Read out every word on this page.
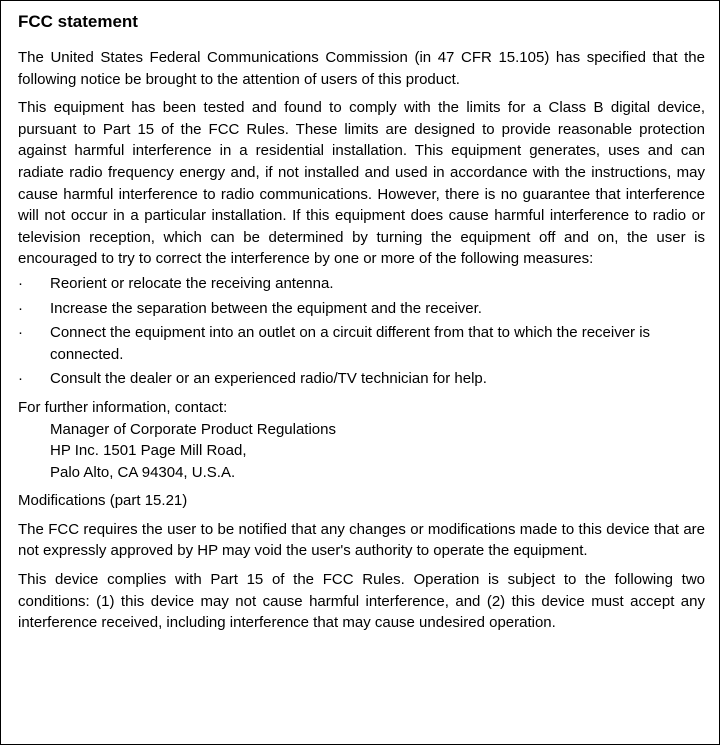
FCC statement

The United States Federal Communications Commission (in 47 CFR 15.105) has specified that the following notice be brought to the attention of users of this product.

This equipment has been tested and found to comply with the limits for a Class B digital device, pursuant to Part 15 of the FCC Rules. These limits are designed to provide reasonable protection against harmful interference in a residential installation. This equipment generates, uses and can radiate radio frequency energy and, if not installed and used in accordance with the instructions, may cause harmful interference to radio communications. However, there is no guarantee that interference will not occur in a particular installation. If this equipment does cause harmful interference to radio or television reception, which can be determined by turning the equipment off and on, the user is encouraged to try to correct the interference by one or more of the following measures:

·	Reorient or relocate the receiving antenna.
·	Increase the separation between the equipment and the receiver.
·	Connect the equipment into an outlet on a circuit different from that to which the receiver is connected.
·	Consult the dealer or an experienced radio/TV technician for help.
For further information, contact:
Manager of Corporate Product Regulations
HP Inc. 1501 Page Mill Road,
Palo Alto, CA 94304, U.S.A.

Modifications (part 15.21)

The FCC requires the user to be notified that any changes or modifications made to this device that are not expressly approved by HP may void the user's authority to operate the equipment.

This device complies with Part 15 of the FCC Rules. Operation is subject to the following two conditions: (1) this device may not cause harmful interference, and (2) this device must accept any interference received, including interference that may cause undesired operation.
